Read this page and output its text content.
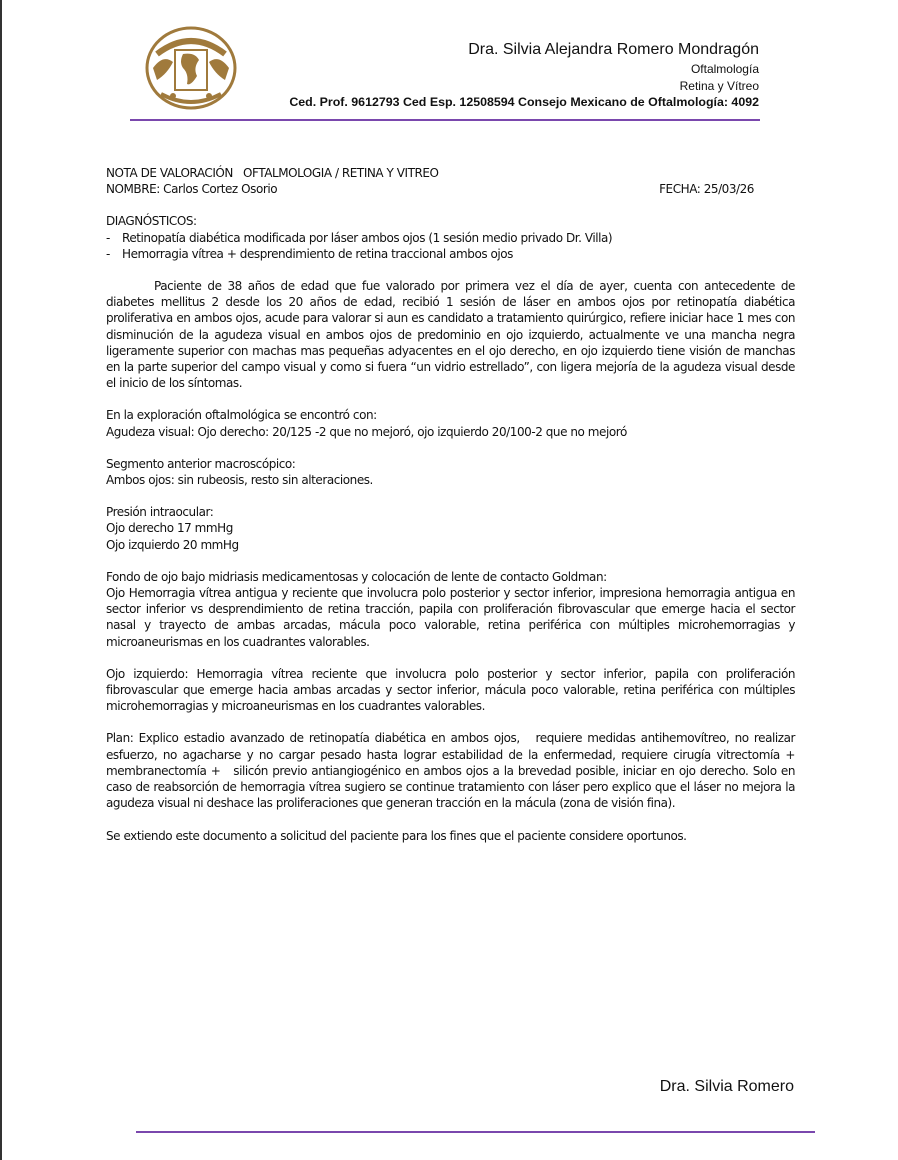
Dra. Silvia Alejandra Romero Mondragón
Oftalmología
Retina y Vítreo
Ced. Prof. 9612793 Ced Esp. 12508594 Consejo Mexicano de Oftalmología: 4092

NOTA DE VALORACIÓN   OFTALMOLOGIA / RETINA Y VITREO

NOMBRE: Carlos Cortez Osorio	FECHA: 25/03/26

DIAGNÓSTICOS:

-	Retinopatía diabética modificada por láser ambos ojos (1 sesión medio privado Dr. Villa)
-	Hemorragia vítrea + desprendimiento de retina traccional ambos ojos

Paciente de 38 años de edad que fue valorado por primera vez el día de ayer, cuenta con antecedente de diabetes mellitus 2 desde los 20 años de edad, recibió 1 sesión de láser en ambos ojos por retinopatía diabética proliferativa en ambos ojos, acude para valorar si aun es candidato a tratamiento quirúrgico, refiere iniciar hace 1 mes con disminución de la agudeza visual en ambos ojos de predominio en ojo izquierdo, actualmente ve una mancha negra ligeramente superior con machas mas pequeñas adyacentes en el ojo derecho, en ojo izquierdo tiene visión de manchas en la parte superior del campo visual y como si fuera “un vidrio estrellado”, con ligera mejoría de la agudeza visual desde el inicio de los síntomas.

En la exploración oftalmológica se encontró con:

Agudeza visual: Ojo derecho: 20/125 -2 que no mejoró, ojo izquierdo 20/100-2 que no mejoró

Segmento anterior macroscópico:

Ambos ojos: sin rubeosis, resto sin alteraciones.

Presión intraocular:

Ojo derecho 17 mmHg

Ojo izquierdo 20 mmHg

Fondo de ojo bajo midriasis medicamentosas y colocación de lente de contacto Goldman:

Ojo Hemorragia vítrea antigua y reciente que involucra polo posterior y sector inferior, impresiona hemorragia antigua en sector inferior vs desprendimiento de retina tracción, papila con proliferación fibrovascular que emerge hacia el sector nasal y trayecto de ambas arcadas, mácula poco valorable, retina periférica con múltiples microhemorragias y microaneurismas en los cuadrantes valorables.

Ojo izquierdo: Hemorragia vítrea reciente que involucra polo posterior y sector inferior, papila con proliferación fibrovascular que emerge hacia ambas arcadas y sector inferior, mácula poco valorable, retina periférica con múltiples microhemorragias y microaneurismas en los cuadrantes valorables.

Plan: Explico estadio avanzado de retinopatía diabética en ambos ojos,   requiere medidas antihemovítreo, no realizar esfuerzo, no agacharse y no cargar pesado hasta lograr estabilidad de la enfermedad, requiere cirugía vitrectomía + membranectomía +   silicón previo antiangiogénico en ambos ojos a la brevedad posible, iniciar en ojo derecho. Solo en caso de reabsorción de hemorragia vítrea sugiero se continue tratamiento con láser pero explico que el láser no mejora la agudeza visual ni deshace las proliferaciones que generan tracción en la mácula (zona de visión fina).

Se extiendo este documento a solicitud del paciente para los fines que el paciente considere oportunos.

Dra. Silvia Romero
